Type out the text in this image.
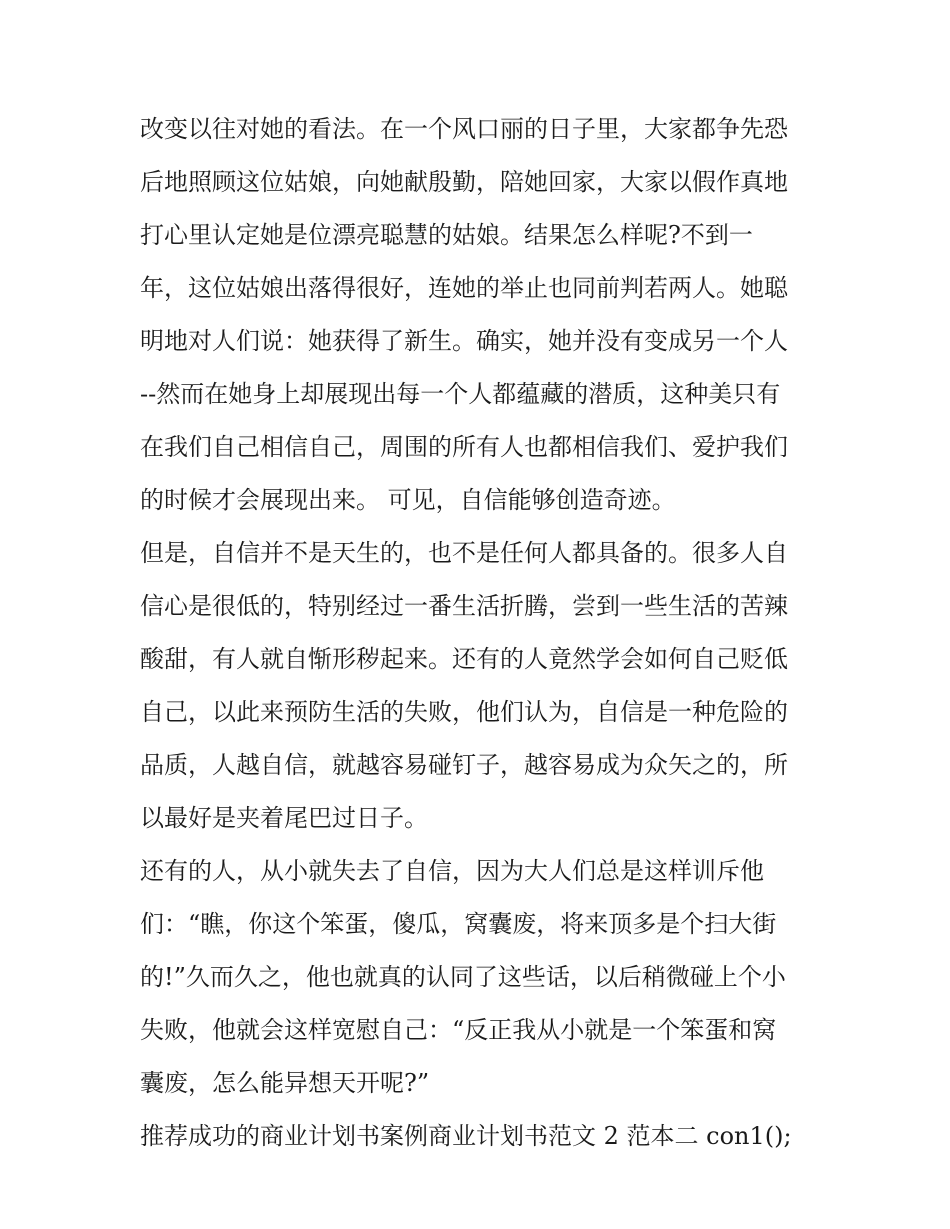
改变以往对她的看法。在一个风口丽的日子里，大家都争先恐
后地照顾这位姑娘，向她献殷勤，陪她回家，大家以假作真地
打心里认定她是位漂亮聪慧的姑娘。结果怎么样呢?不到一
年，这位姑娘出落得很好，连她的举止也同前判若两人。她聪
明地对人们说：她获得了新生。确实，她并没有变成另一个人
--然而在她身上却展现出每一个人都蕴藏的潜质，这种美只有
在我们自己相信自己，周围的所有人也都相信我们、爱护我们
的时候才会展现出来。 可见，自信能够创造奇迹。
但是，自信并不是天生的，也不是任何人都具备的。很多人自
信心是很低的，特别经过一番生活折腾，尝到一些生活的苦辣
酸甜，有人就自惭形秽起来。还有的人竟然学会如何自己贬低
自己，以此来预防生活的失败，他们认为，自信是一种危险的
品质，人越自信，就越容易碰钉子，越容易成为众矢之的，所
以最好是夹着尾巴过日子。
还有的人，从小就失去了自信，因为大人们总是这样训斥他
们：“瞧，你这个笨蛋，傻瓜，窝囊废，将来顶多是个扫大街
的!”久而久之，他也就真的认同了这些话，以后稍微碰上个小
失败，他就会这样宽慰自己：“反正我从小就是一个笨蛋和窝
囊废，怎么能异想天开呢?”
推荐成功的商业计划书案例商业计划书范文 2 范本二 con1();
